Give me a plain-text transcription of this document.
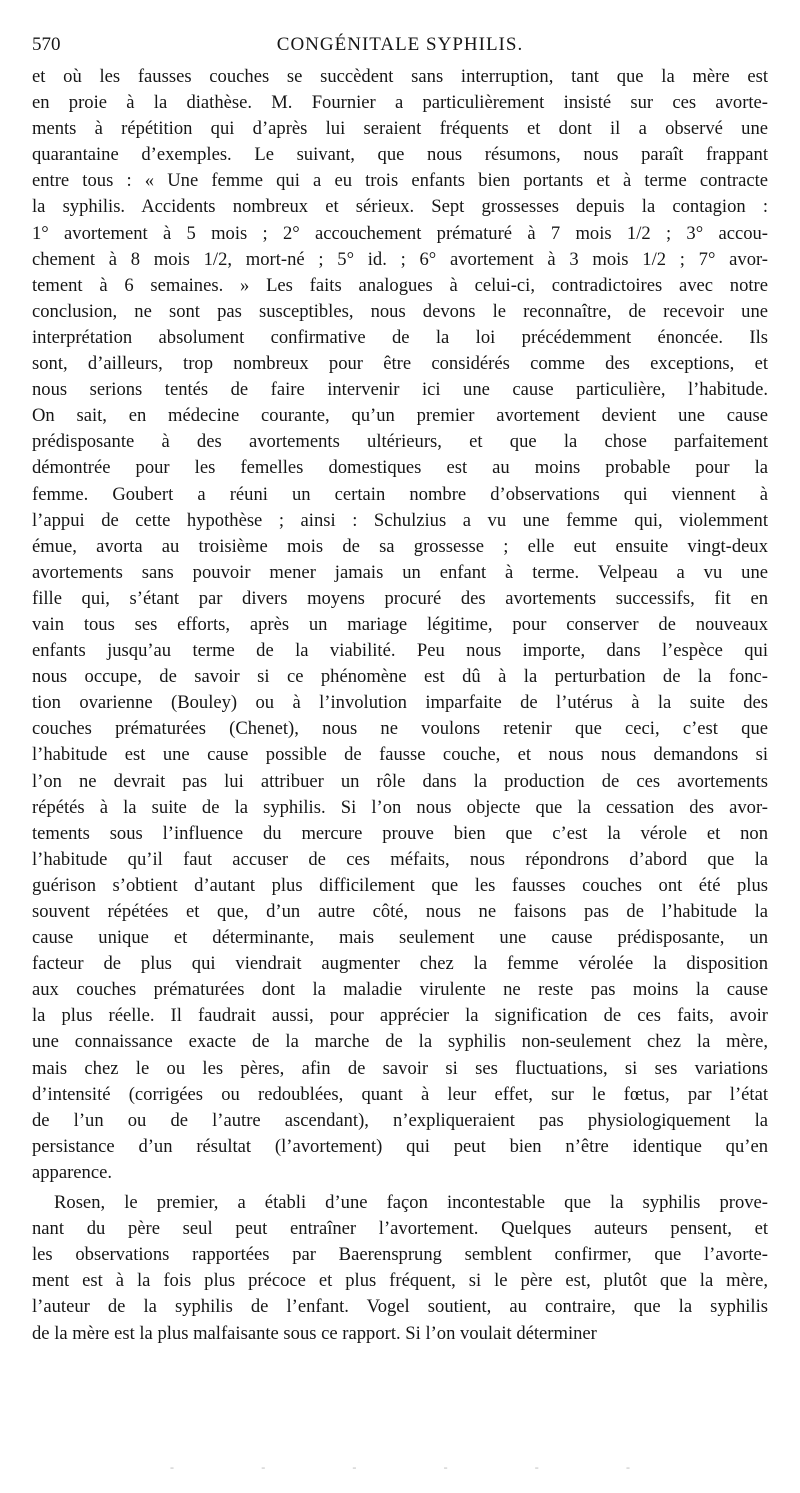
570	CONGÉNITALE SYPHILIS.
et où les fausses couches se succèdent sans interruption, tant que la mère est
en proie à la diathèse. M. Fournier a particulièrement insisté sur ces avorte-
ments à répétition qui d’après lui seraient fréquents et dont il a observé une
quarantaine d’exemples. Le suivant, que nous résumons, nous paraît frappant
entre tous : « Une femme qui a eu trois enfants bien portants et à terme contracte
la syphilis. Accidents nombreux et sérieux. Sept grossesses depuis la contagion :
1° avortement à 5 mois ; 2° accouchement prématuré à 7 mois 1/2 ; 3° accou-
chement à 8 mois 1/2, mort-né ; 5° id. ; 6° avortement à 3 mois 1/2 ; 7° avor-
tement à 6 semaines. » Les faits analogues à celui-ci, contradictoires avec notre
conclusion, ne sont pas susceptibles, nous devons le reconnaître, de recevoir une
interprétation absolument confirmative de la loi précédemment énoncée. Ils
sont, d’ailleurs, trop nombreux pour être considérés comme des exceptions, et
nous serions tentés de faire intervenir ici une cause particulière, l’habitude.
On sait, en médecine courante, qu’un premier avortement devient une cause
prédisposante à des avortements ultérieurs, et que la chose parfaitement
démontrée pour les femelles domestiques est au moins probable pour la
femme. Goubert a réuni un certain nombre d’observations qui viennent à
l’appui de cette hypothèse ; ainsi : Schulzius a vu une femme qui, violemment
émue, avorta au troisième mois de sa grossesse ; elle eut ensuite vingt-deux
avortements sans pouvoir mener jamais un enfant à terme. Velpeau a vu une
fille qui, s’étant par divers moyens procuré des avortements successifs, fit en
vain tous ses efforts, après un mariage légitime, pour conserver de nouveaux
enfants jusqu’au terme de la viabilité. Peu nous importe, dans l’espèce qui
nous occupe, de savoir si ce phénomène est dû à la perturbation de la fonc-
tion ovarienne (Bouley) ou à l’involution imparfaite de l’utérus à la suite des
couches prématurées (Chenet), nous ne voulons retenir que ceci, c’est que
l’habitude est une cause possible de fausse couche, et nous nous demandons si
l’on ne devrait pas lui attribuer un rôle dans la production de ces avortements
répétés à la suite de la syphilis. Si l’on nous objecte que la cessation des avor-
tements sous l’influence du mercure prouve bien que c’est la vérole et non
l’habitude qu’il faut accuser de ces méfaits, nous répondrons d’abord que la
guérison s’obtient d’autant plus difficilement que les fausses couches ont été plus
souvent répétées et que, d’un autre côté, nous ne faisons pas de l’habitude la
cause unique et déterminante, mais seulement une cause prédisposante, un
facteur de plus qui viendrait augmenter chez la femme vérolée la disposition
aux couches prématurées dont la maladie virulente ne reste pas moins la cause
la plus réelle. Il faudrait aussi, pour apprécier la signification de ces faits, avoir
une connaissance exacte de la marche de la syphilis non-seulement chez la mère,
mais chez le ou les pères, afin de savoir si ses fluctuations, si ses variations
d’intensité (corrigées ou redoublées, quant à leur effet, sur le fœtus, par l’état
de l’un ou de l’autre ascendant), n’expliqueraient pas physiologiquement la
persistance d’un résultat (l’avortement) qui peut bien n’être identique qu’en
apparence.
Rosen, le premier, a établi d’une façon incontestable que la syphilis prove-
nant du père seul peut entraîner l’avortement. Quelques auteurs pensent, et
les observations rapportées par Baerensprung semblent confirmer, que l’avorte-
ment est à la fois plus précoce et plus fréquent, si le père est, plutôt que la mère,
l’auteur de la syphilis de l’enfant. Vogel soutient, au contraire, que la syphilis
de la mère est la plus malfaisante sous ce rapport. Si l’on voulait déterminer
-	-	-	-	-	-
